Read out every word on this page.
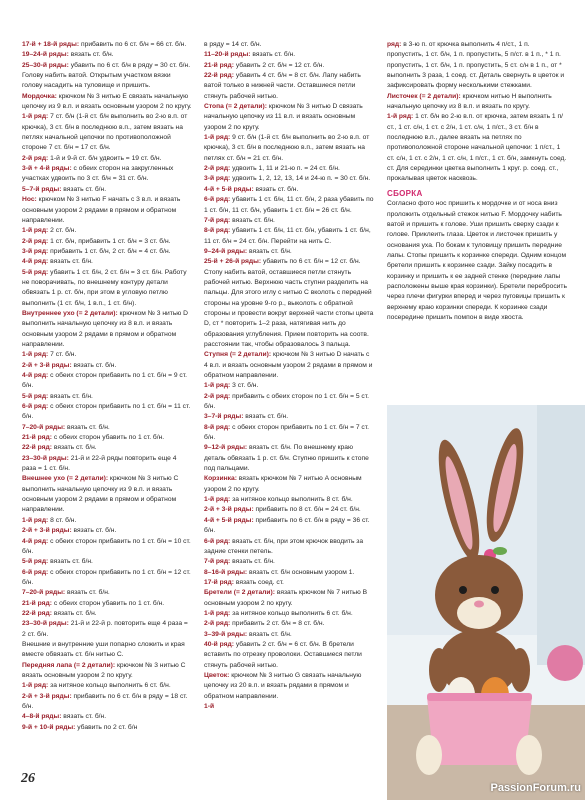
17-й + 18-й ряды: прибавить по 6 ст. б/н = 66 ст. б/н.

19–24-й ряды: вязать ст. б/н.

25–30-й ряды: убавить по 6 ст. б/н в ряду = 30 ст. б/н. Голову набить ватой. Открытым участком вязки голову насадить на туловище и пришить.

Мордочка: крючком № 3 нитью E связать начальную цепочку из 9 в.п. и вязать основным узором 2 по кругу.

1-й ряд: 7 ст. б/н (1-й ст. б/н выполнить во 2-ю в.п. от крючка), 3 ст. б/н в последнюю в.п., затем вязать на петлях начальной цепочки по противоположной стороне 7 ст. б/н = 17 ст. б/н.

2-й ряд: 1-й и 9-й ст. б/н удвоить = 19 ст. б/н.

3-й + 4-й ряды: с обеих сторон на закругленных участках удвоить по 3 ст. б/н = 31 ст. б/н.

5–7-й ряды: вязать ст. б/н.

Нос: крючком № 3 нитью F начать с 3 в.п. и вязать основным узором 2 рядами в прямом и обратном направлении.

1-й ряд: 2 ст. б/н.

2-й ряд: 1 ст. б/н, прибавить 1 ст. б/н = 3 ст. б/н.

3-й ряд: прибавить 1 ст. б/н, 2 ст. б/н = 4 ст. б/н.

4-й ряд: вязать ст. б/н.

5-й ряд: убавить 1 ст. б/н, 2 ст. б/н = 3 ст. б/н. Работу не поворачивать, по внешнему контуру детали обвязать 1 р. ст. б/н, при этом в угловую петлю выполнить (1 ст. б/н, 1 в.п., 1 ст. б/н).

Внутреннее ухо (= 2 детали): крючком № 3 нитью D выполнить начальную цепочку из 8 в.п. и вязать основным узором 2 рядами в прямом и обратном направлении.

1-й ряд: 7 ст. б/н.

2-й + 3-й ряды: вязать ст. б/н.

4-й ряд: с обеих сторон прибавить по 1 ст. б/н = 9 ст. б/н.

5-й ряд: вязать ст. б/н.

6-й ряд: с обеих сторон прибавить по 1 ст. б/н = 11 ст. б/н.

7–20-й ряды: вязать ст. б/н.

21-й ряд: с обеих сторон убавить по 1 ст. б/н.

22-й ряд: вязать ст. б/н.

23–30-й ряды: 21-й и 22-й ряды повторить еще 4 раза = 1 ст. б/н.

Внешнее ухо (= 2 детали): крючком № 3 нитью C выполнить начальную цепочку из 9 в.п. и вязать основным узором 2 рядами в прямом и обратном направлении.

1-й ряд: 8 ст. б/н.

2-й + 3-й ряды: вязать ст. б/н.

4-й ряд: с обеих сторон прибавить по 1 ст. б/н = 10 ст. б/н.

5-й ряд: вязать ст. б/н.

6-й ряд: с обеих сторон прибавить по 1 ст. б/н = 12 ст. б/н.

7–20-й ряды: вязать ст. б/н.

21-й ряд: с обеих сторон убавить по 1 ст. б/н.

22-й ряд: вязать ст. б/н.

23–30-й ряды: 21-й и 22-й р. повторить еще 4 раза = 2 ст. б/н.

Внешние и внутренние уши попарно сложить и края вместе обвязать ст. б/н нитью C.

Передняя лапа (= 2 детали): крючком № 3 нитью C вязать основным узором 2 по кругу.

1-й ряд: за нитяное кольцо выполнить 6 ст. б/н.

2-й + 3-й ряды: прибавить по 6 ст. б/н в ряду = 18 ст. б/н.

4–8-й ряды: вязать ст. б/н.

9-й + 10-й ряды: убавить по 2 ст. б/н

в ряду = 14 ст. б/н.

11–20-й ряды: вязать ст. б/н.

21-й ряд: убавить 2 ст. б/н = 12 ст. б/н.

22-й ряд: убавить 4 ст. б/н = 8 ст. б/н. Лапу набить ватой только в нижней части. Оставшиеся петли стянуть рабочей нитью.

Стопа (= 2 детали): крючком № 3 нитью D связать начальную цепочку из 11 в.п. и вязать основным узором 2 по кругу.

1-й ряд: 9 ст. б/н (1-й ст. б/н выполнить во 2-ю в.п. от крючка), 3 ст. б/н в последнюю в.п., затем вязать на петлях ст. б/н = 21 ст. б/н.

2-й ряд: удвоить 1, 11 и 21-ю п. = 24 ст. б/н.

3-й ряд: удвоить 1, 2, 12, 13, 14 и 24-ю п. = 30 ст. б/н.

4-й + 5-й ряды: вязать ст. б/н.

6-й ряд: убавить 1 ст. б/н, 11 ст. б/н, 2 раза убавить по 1 ст. б/н, 11 ст. б/н, убавить 1 ст. б/н = 26 ст. б/н.

7-й ряд: вязать ст. б/н.

8-й ряд: убавить 1 ст. б/н, 11 ст. б/н, убавить 1 ст. б/н, 11 ст. б/н = 24 ст. б/н. Перейти на нить C.

9–24-й ряды: вязать ст. б/н.

25-й + 26-й ряды: убавить по 6 ст. б/н = 12 ст. б/н. Стопу набить ватой, оставшиеся петли стянуть рабочей нитью. Верхнюю часть ступни разделить на пальцы. Для этого иглу с нитью C вколоть с передней стороны на уровне 9-го р., выколоть с обратной стороны и провести вокруг верхней части стопы цвета D, ст * повторить 1–2 раза, натягивая нить до образования углубления. Прием повторить на соотв. расстоянии так, чтобы образовалось 3 пальца.

Ступня (= 2 детали): крючком № 3 нитью D начать с 4 в.п. и вязать основным узором 2 рядами в прямом и обратном направлении.

1-й ряд: 3 ст. б/н.

2-й ряд: прибавить с обеих сторон по 1 ст. б/н = 5 ст. б/н.

3–7-й ряды: вязать ст. б/н.

8-й ряд: с обеих сторон прибавить по 1 ст. б/н = 7 ст. б/н.

9–12-й ряды: вязать ст. б/н. По внешнему краю деталь обвязать 1 р. ст. б/н. Ступню пришить к стопе под пальцами.

Корзинка: вязать крючком № 7 нитью A основным узором 2 по кругу.

1-й ряд: за нитяное кольцо выполнить 8 ст. б/н.

2-й + 3-й ряды: прибавить по 8 ст. б/н = 24 ст. б/н.

4-й + 5-й ряды: прибавить по 6 ст. б/н в ряду = 36 ст. б/н.

6-й ряд: вязать ст. б/н, при этом крючок вводить за задние стенки петель.

7-й ряд: вязать ст. б/н.

8–16-й ряды: вязать ст. б/н основным узором 1.

17-й ряд: вязать соед. ст.

Бретели (= 2 детали): вязать крючком № 7 нитью B основным узором 2 по кругу.

1-й ряд: за нитяное кольцо выполнить 6 ст. б/н.

2-й ряд: прибавить 2 ст. б/н = 8 ст. б/н.

3–39-й ряды: вязать ст. б/н.

40-й ряд: убавить 2 ст. б/н = 6 ст. б/н. В бретели вставить по отрезку проволоки. Оставшиеся петли стянуть рабочей нитью.

Цветок: крючком № 3 нитью G связать начальную цепочку из 20 в.п. и вязать рядами в прямом и обратном направлении.

1-й

ряд: в 3-ю п. от крючка выполнить 4 п/ст., 1 п. пропустить, 1 ст. б/н, 1 п. пропустить, 5 п/ст. в 1 п., * 1 п. пропустить, 1 ст. б/н, 1 п. пропустить, 5 ст. с/н в 1 п., от * выполнить 3 раза, 1 соед. ст. Деталь свернуть в цветок и зафиксировать форму несколькими стежками.

Листочек (= 2 детали): крючком нитью H выполнить начальную цепочку из 8 в.п. и вязать по кругу.

1-й ряд: 1 ст. б/н во 2-ю в.п. от крючка, затем вязать 1 п/ст., 1 ст. с/н, 1 ст. с 2/н, 1 ст. с/н, 1 п/ст., 3 ст. б/н в последнюю в.п., далее вязать на петлях по противоположной стороне начальной цепочки: 1 п/ст., 1 ст. с/н, 1 ст. с 2/н, 1 ст. с/н, 1 п/ст., 1 ст. б/н, замкнуть соед. ст. Для серединки цветка выполнить 1 круг. р. соед. ст., прокалывая цветок насквозь.

СБОРКА

Согласно фото нос пришить к мордочке и от носа вниз проложить отдельный стежок нитью F. Мордочку набить ватой и пришить к голове. Уши пришить сверху сзади к голове. Приклеить глаза. Цветок и листочек пришить у основания уха. По бокам к туловищу пришить передние лапы. Стопы пришить к корзинке спереди. Одним концом бретели пришить к корзинке сзади. Зайку посадить в корзинку и пришить к ее задней стенке (передние лапы расположены выше края корзинки). Бретели перебросить через плечи фигурки вперед и через пуговицы пришить к верхнему краю корзинки спереди. К корзинке сзади посередине пришить помпон в виде хвоста.

26
PassionForum.ru
